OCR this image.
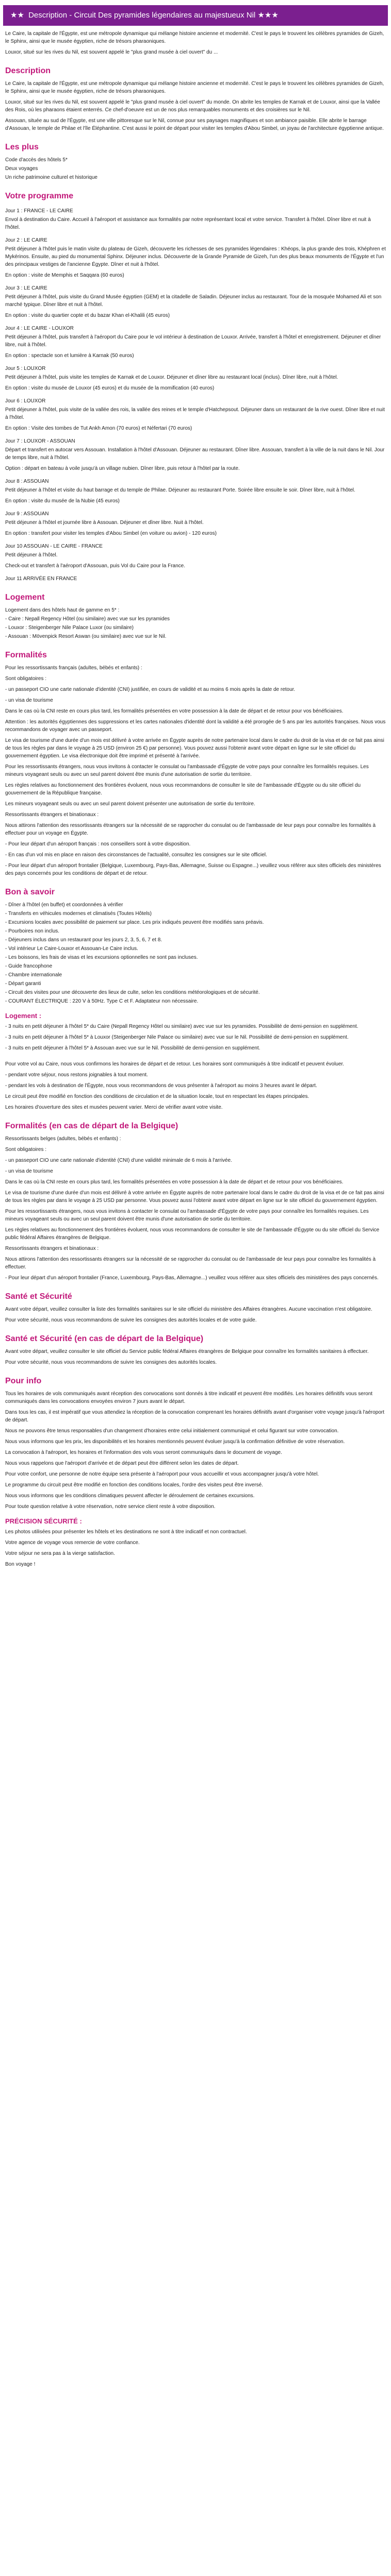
★★ Description - Circuit Des pyramides légendaires au majestueux Nil ★★★

Le Caire, la capitale de l'Égypte, est une métropole dynamique qui mélange histoire ancienne et modernité. C'est le pays le trouvent les célèbres pyramides de Gizeh, le Sphinx, ainsi que le musée égyptien, riche de trésors pharaoniques.

Louxor, situé sur les rives du Nil, est souvent appelé le "plus grand musée à ciel ouvert" du ...

Description

Le Caire, la capitale de l'Égypte, est une métropole dynamique qui mélange histoire ancienne et modernité. C'est le pays le trouvent les célèbres pyramides de Gizeh, le Sphinx, ainsi que le musée égyptien, riche de trésors pharaoniques.

Louxor, situé sur les rives du Nil, est souvent appelé le "plus grand musée à ciel ouvert" du monde. On abrite les temples de Karnak et de Louxor, ainsi que la Vallée des Rois, où les pharaons étaient enterrés. Ce chef-d'oeuvre est un de nos plus remarquables monuments et des croisières sur le Nil.

Assouan, située au sud de l'Égypte, est une ville pittoresque sur le Nil, connue pour ses paysages magnifiques et son ambiance paisible. Elle abrite le barrage d'Assouan, le temple de Philae et l'île Éléphantine. C'est aussi le point de départ pour visiter les temples d'Abou Simbel, un joyau de l'architecture égyptienne antique.

Les plus

Code d'accès des hôtels 5*

Deux voyages

Un riche patrimoine culturel et historique

Votre programme

Jour 1 : FRANCE - LE CAIRE

Envol à destination du Caire. Accueil à l'aéroport et assistance aux formalités par notre représentant local et votre service. Transfert à l'hôtel. Dîner libre et nuit à l'hôtel.

Jour 2 : LE CAIRE

Petit déjeuner à l'hôtel puis le matin visite du plateau de Gizeh, découverte les richesses de ses pyramides légendaires : Khéops, la plus grande des trois, Khéphren et Mykérinos. Ensuite, au pied du monumental Sphinx. Déjeuner inclus. Découverte de la Grande Pyramide de Gizeh, l'un des plus beaux monuments de l'Égypte et l'un des principaux vestiges de l'ancienne Égypte. Dîner et nuit à l'hôtel.

En option : visite de Memphis et Saqqara (60 euros)

Jour 3 : LE CAIRE

Petit déjeuner à l'hôtel, puis visite du Grand Musée égyptien (GEM) et la citadelle de Saladin. Déjeuner inclus au restaurant. Tour de la mosquée Mohamed Ali et son marché typique. Dîner libre et nuit à l'hôtel.

En option : visite du quartier copte et du bazar Khan el-Khalili (45 euros)

Jour 4 : LE CAIRE - LOUXOR

Petit déjeuner à l'hôtel, puis transfert à l'aéroport du Caire pour le vol intérieur à destination de Louxor. Arrivée, transfert à l'hôtel et enregistrement. Déjeuner et dîner libre, nuit à l'hôtel.

En option : spectacle son et lumière à Karnak (50 euros)

Jour 5 : LOUXOR

Petit déjeuner à l'hôtel, puis visite les temples de Karnak et de Louxor. Déjeuner et dîner libre au restaurant local (inclus). Dîner libre, nuit à l'hôtel.

En option : visite du musée de Louxor (45 euros) et du musée de la momification (40 euros)

Jour 6 : LOUXOR

Petit déjeuner à l'hôtel, puis visite de la vallée des rois, la vallée des reines et le temple d'Hatchepsout. Déjeuner dans un restaurant de la rive ouest. Dîner libre et nuit à l'hôtel.

En option : Visite des tombes de Tut Ankh Amon (70 euros) et Néfertari (70 euros)

Jour 7 : LOUXOR - ASSOUAN

Départ et transfert en autocar vers Assouan. Installation à l'hôtel d'Assouan. Déjeuner au restaurant. Dîner libre. Assouan, transfert à la ville de la nuit dans le Nil. Jour de temps libre, nuit à l'hôtel.

Option : départ en bateau à voile jusqu'à un village nubien. Dîner libre, puis retour à l'hôtel par la route.

Jour 8 : ASSOUAN

Petit déjeuner à l'hôtel et visite du haut barrage et du temple de Philae. Déjeuner au restaurant Porte. Soirée libre ensuite le soir. Dîner libre, nuit à l'hôtel.

En option : visite du musée de la Nubie (45 euros)

Jour 9 : ASSOUAN

Petit déjeuner à l'hôtel et journée libre à Assouan. Déjeuner et dîner libre. Nuit à l'hôtel.

En option : transfert pour visiter les temples d'Abou Simbel (en voiture ou avion) - 120 euros)

Jour 10 ASSOUAN - LE CAIRE - FRANCE

Petit déjeuner à l'hôtel.

Check-out et transfert à l'aéroport d'Assouan, puis Vol du Caire pour la France.

Jour 11 ARRIVÉE EN FRANCE

Logement

Logement dans des hôtels haut de gamme en 5* :

- Caire : Nepall Regency Hôtel (ou similaire) avec vue sur les pyramides

- Louxor : Steigenberger Nile Palace Luxor (ou similaire)

- Assouan : Mövenpick Resort Aswan (ou similaire) avec vue sur le Nil.

Formalités

Pour les ressortissants français (adultes, bébés et enfants) :

Sont obligatoires :

- un passeport CIO une carte nationale d'identité (CNI) justifiée, en cours de validité et au moins 6 mois après la date de retour.

- un visa de tourisme

Dans le cas où la CNI reste en cours plus tard, les formalités présentées en votre possession à la date de départ et de retour pour vos bénéficiaires.

Attention : les autorités égyptiennes des suppressions et les cartes nationales d'identité dont la validité a été prorogée de 5 ans par les autorités françaises. Nous vous recommandons de voyager avec un passeport.

Le visa de tourisme d'une durée d'un mois est délivré à votre arrivée en Égypte auprès de notre partenaire local dans le cadre du droit de la visa et de ce fait pas ainsi de tous les règles par dans le voyage à 25 USD (environ 25 €) par personne). Vous pouvez aussi l'obtenir avant votre départ en ligne sur le site officiel du gouvernement égyptien. Le visa électronique doit être imprimé et présenté à l'arrivée.

Pour les ressortissants étrangers, nous vous invitons à contacter le consulat ou l'ambassade d'Égypte de votre pays pour connaître les formalités requises. Les mineurs voyageant seuls ou avec un seul parent doivent être munis d'une autorisation de sortie du territoire.

Les règles relatives au fonctionnement des frontières évoluent, nous vous recommandons de consulter le site de l'ambassade d'Égypte ou du site officiel du gouvernement de la République française.

Les mineurs voyageant seuls ou avec un seul parent doivent présenter une autorisation de sortie du territoire.

Ressortissants étrangers et binationaux :

Nous attirons l'attention des ressortissants étrangers sur la nécessité de se rapprocher du consulat ou de l'ambassade de leur pays pour connaître les formalités à effectuer pour un voyage en Égypte.

- Pour leur départ d'un aéroport français : nos conseillers sont à votre disposition.

- En cas d'un vol mis en place en raison des circonstances de l'actualité, consultez les consignes sur le site officiel.

- Pour leur départ d'un aéroport frontalier (Belgique, Luxembourg, Pays-Bas, Allemagne, Suisse ou Espagne...) veuillez vous référer aux sites officiels des ministères des pays concernés pour les conditions de départ et de retour.

Bon à savoir

- Dîner à l'hôtel (en buffet) et coordonnées à vérifier

- Transferts en véhicules modernes et climatisés (Toutes Hôtels)

- Excursions locales avec possibilité de paiement sur place. Les prix indiqués peuvent être modifiés sans préavis.

- Pourboires non inclus.

- Déjeuners inclus dans un restaurant pour les jours 2, 3, 5, 6, 7 et 8.

- Vol intérieur Le Caire-Louxor et Assouan-Le Caire inclus.

- Les boissons, les frais de visas et les excursions optionnelles ne sont pas incluses.

- Guide francophone

- Chambre internationale

- Départ garanti

- Circuit des visites pour une découverte des lieux de culte, selon les conditions météorologiques et de sécurité.

- COURANT ÉLECTRIQUE : 220 V à 50Hz. Type C et F. Adaptateur non nécessaire.

Logement :

- 3 nuits en petit déjeuner à l'hôtel 5* du Caire (Nepall Regency Hôtel ou similaire) avec vue sur les pyramides. Possibilité de demi-pension en supplément.

- 3 nuits en petit déjeuner à l'hôtel 5* à Louxor (Steigenberger Nile Palace ou similaire) avec vue sur le Nil. Possibilité de demi-pension en supplément.

- 3 nuits en petit déjeuner à l'hôtel 5* à Assouan avec vue sur le Nil. Possibilité de demi-pension en supplément.

Pour votre vol au Caire, nous vous confirmons les horaires de départ et de retour. Les horaires sont communiqués à titre indicatif et peuvent évoluer.

- pendant votre séjour, nous restons joignables à tout moment.

- pendant les vols à destination de l'Égypte, nous vous recommandons de vous présenter à l'aéroport au moins 3 heures avant le départ.

Le circuit peut être modifié en fonction des conditions de circulation et de la situation locale, tout en respectant les étapes principales.

Les horaires d'ouverture des sites et musées peuvent varier. Merci de vérifier avant votre visite.

Formalités (en cas de départ de la Belgique)

Ressortissants belges (adultes, bébés et enfants) :

Sont obligatoires :

- un passeport CIO une carte nationale d'identité (CNI) d'une validité minimale de 6 mois à l'arrivée.

- un visa de tourisme

Dans le cas où la CNI reste en cours plus tard, les formalités présentées en votre possession à la date de départ et de retour pour vos bénéficiaires.

Le visa de tourisme d'une durée d'un mois est délivré à votre arrivée en Égypte auprès de notre partenaire local dans le cadre du droit de la visa et de ce fait pas ainsi de tous les règles par dans le voyage à 25 USD par personne. Vous pouvez aussi l'obtenir avant votre départ en ligne sur le site officiel du gouvernement égyptien.

Pour les ressortissants étrangers, nous vous invitons à contacter le consulat ou l'ambassade d'Égypte de votre pays pour connaître les formalités requises. Les mineurs voyageant seuls ou avec un seul parent doivent être munis d'une autorisation de sortie du territoire.

Les règles relatives au fonctionnement des frontières évoluent, nous vous recommandons de consulter le site de l'ambassade d'Égypte ou du site officiel du Service public fédéral Affaires étrangères de Belgique.

Ressortissants étrangers et binationaux :

Nous attirons l'attention des ressortissants étrangers sur la nécessité de se rapprocher du consulat ou de l'ambassade de leur pays pour connaître les formalités à effectuer.

- Pour leur départ d'un aéroport frontalier (France, Luxembourg, Pays-Bas, Allemagne...) veuillez vous référer aux sites officiels des ministères des pays concernés.

Santé et Sécurité

Avant votre départ, veuillez consulter la liste des formalités sanitaires sur le site officiel du ministère des Affaires étrangères. Aucune vaccination n'est obligatoire.

Pour votre sécurité, nous vous recommandons de suivre les consignes des autorités locales et de votre guide.

Santé et Sécurité (en cas de départ de la Belgique)

Avant votre départ, veuillez consulter le site officiel du Service public fédéral Affaires étrangères de Belgique pour connaître les formalités sanitaires à effectuer.

Pour votre sécurité, nous vous recommandons de suivre les consignes des autorités locales.

Pour info

Tous les horaires de vols communiqués avant réception des convocations sont donnés à titre indicatif et peuvent être modifiés. Les horaires définitifs vous seront communiqués dans les convocations envoyées environ 7 jours avant le départ.

Dans tous les cas, il est impératif que vous attendiez la réception de la convocation comprenant les horaires définitifs avant d'organiser votre voyage jusqu'à l'aéroport de départ.

Nous ne pouvons être tenus responsables d'un changement d'horaires entre celui initialement communiqué et celui figurant sur votre convocation.

Nous vous informons que les prix, les disponibilités et les horaires mentionnés peuvent évoluer jusqu'à la confirmation définitive de votre réservation.

La convocation à l'aéroport, les horaires et l'information des vols vous seront communiqués dans le document de voyage.

Nous vous rappelons que l'aéroport d'arrivée et de départ peut être différent selon les dates de départ.

Pour votre confort, une personne de notre équipe sera présente à l'aéroport pour vous accueillir et vous accompagner jusqu'à votre hôtel.

Le programme du circuit peut être modifié en fonction des conditions locales, l'ordre des visites peut être inversé.

Nous vous informons que les conditions climatiques peuvent affecter le déroulement de certaines excursions.

Pour toute question relative à votre réservation, notre service client reste à votre disposition.

PRÉCISION SÉCURITÉ :

Les photos utilisées pour présenter les hôtels et les destinations ne sont à titre indicatif et non contractuel.

Votre agence de voyage vous remercie de votre confiance.

Votre séjour ne sera pas à la vierge satisfaction.

Bon voyage !
